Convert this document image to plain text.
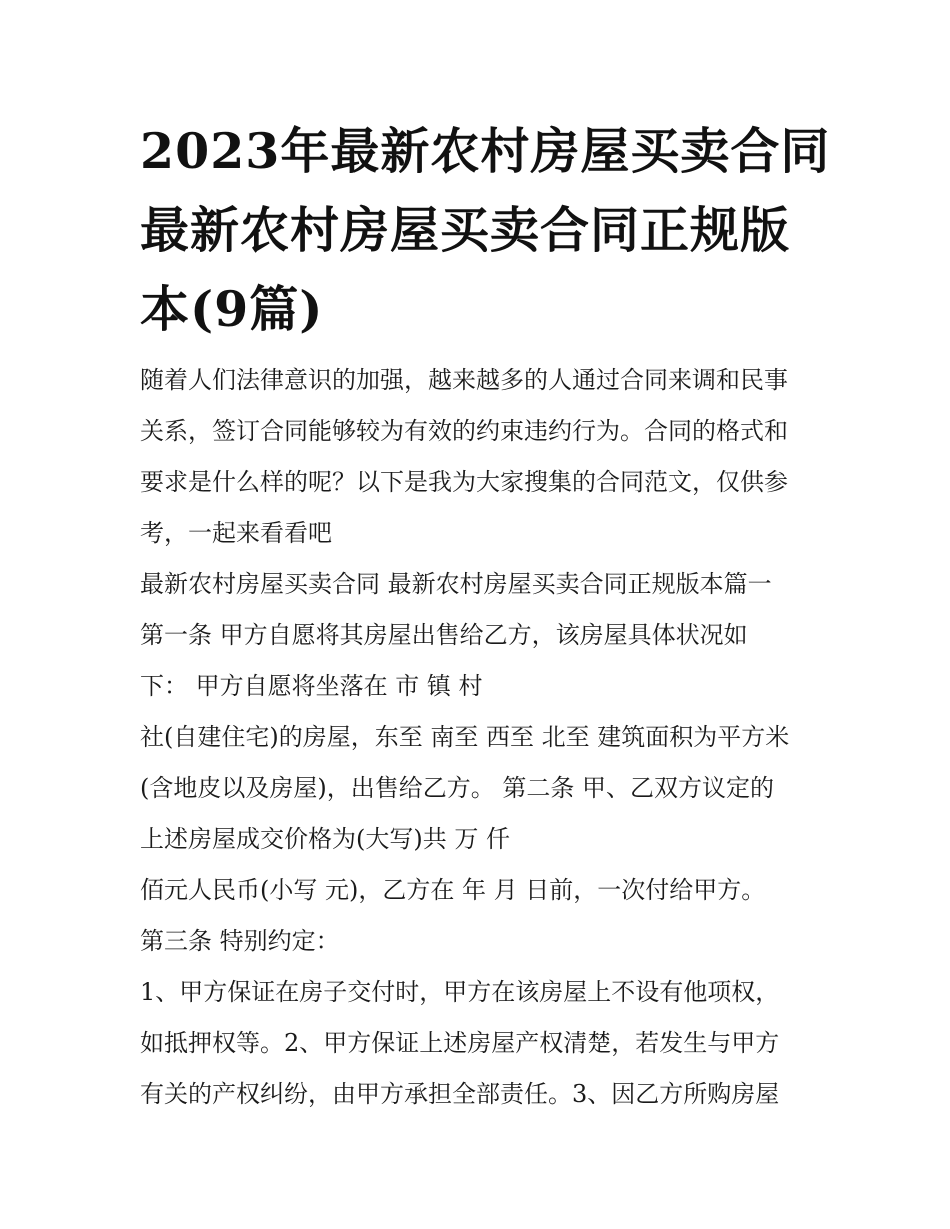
2023年最新农村房屋买卖合同
最新农村房屋买卖合同正规版
本(9篇)
随着人们法律意识的加强，越来越多的人通过合同来调和民事
关系，签订合同能够较为有效的约束违约行为。合同的格式和
要求是什么样的呢？以下是我为大家搜集的合同范文，仅供参
考，一起来看看吧
最新农村房屋买卖合同 最新农村房屋买卖合同正规版本篇一
第一条 甲方自愿将其房屋出售给乙方，该房屋具体状况如
下： 甲方自愿将坐落在 市 镇 村
社(自建住宅)的房屋，东至 南至 西至 北至 建筑面积为平方米
(含地皮以及房屋)，出售给乙方。 第二条 甲、乙双方议定的
上述房屋成交价格为(大写)共 万 仟
佰元人民币(小写 元)，乙方在 年 月 日前，一次付给甲方。
第三条 特别约定：
1、甲方保证在房子交付时，甲方在该房屋上不设有他项权，
如抵押权等。2、甲方保证上述房屋产权清楚，若发生与甲方
有关的产权纠纷，由甲方承担全部责任。3、因乙方所购房屋
